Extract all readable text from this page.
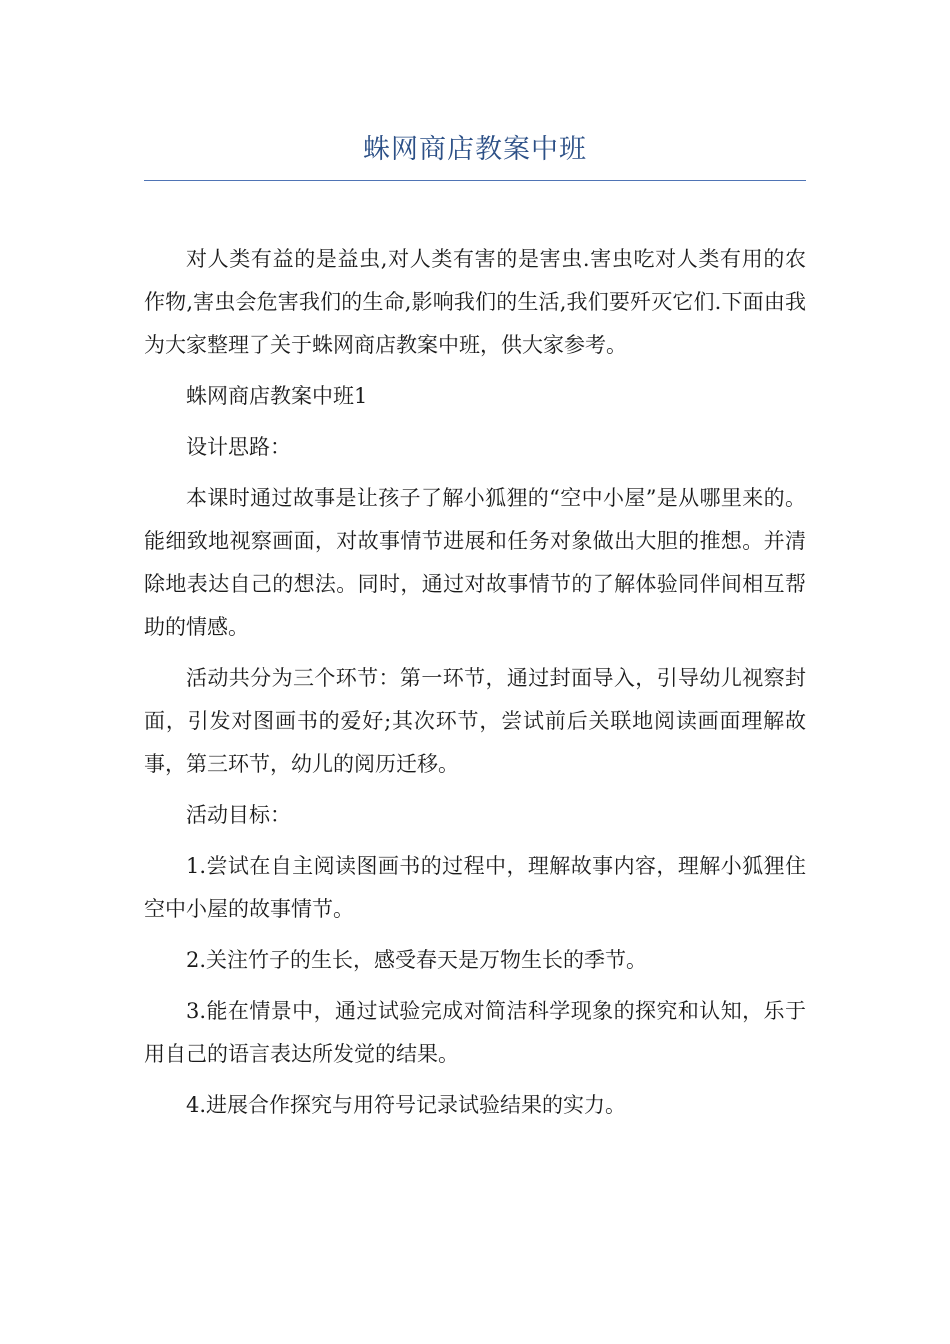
蛛网商店教案中班

对人类有益的是益虫,对人类有害的是害虫.害虫吃对人类有用的农作物,害虫会危害我们的生命,影响我们的生活,我们要歼灭它们.下面由我为大家整理了关于蛛网商店教案中班，供大家参考。

蛛网商店教案中班1

设计思路：

本课时通过故事是让孩子了解小狐狸的“空中小屋”是从哪里来的。能细致地视察画面，对故事情节进展和任务对象做出大胆的推想。并清除地表达自己的想法。同时，通过对故事情节的了解体验同伴间相互帮助的情感。

活动共分为三个环节：第一环节，通过封面导入，引导幼儿视察封面，引发对图画书的爱好;其次环节，尝试前后关联地阅读画面理解故事，第三环节，幼儿的阅历迁移。

活动目标：

1.尝试在自主阅读图画书的过程中，理解故事内容，理解小狐狸住空中小屋的故事情节。

2.关注竹子的生长，感受春天是万物生长的季节。

3.能在情景中，通过试验完成对简洁科学现象的探究和认知，乐于用自己的语言表达所发觉的结果。

4.进展合作探究与用符号记录试验结果的实力。
